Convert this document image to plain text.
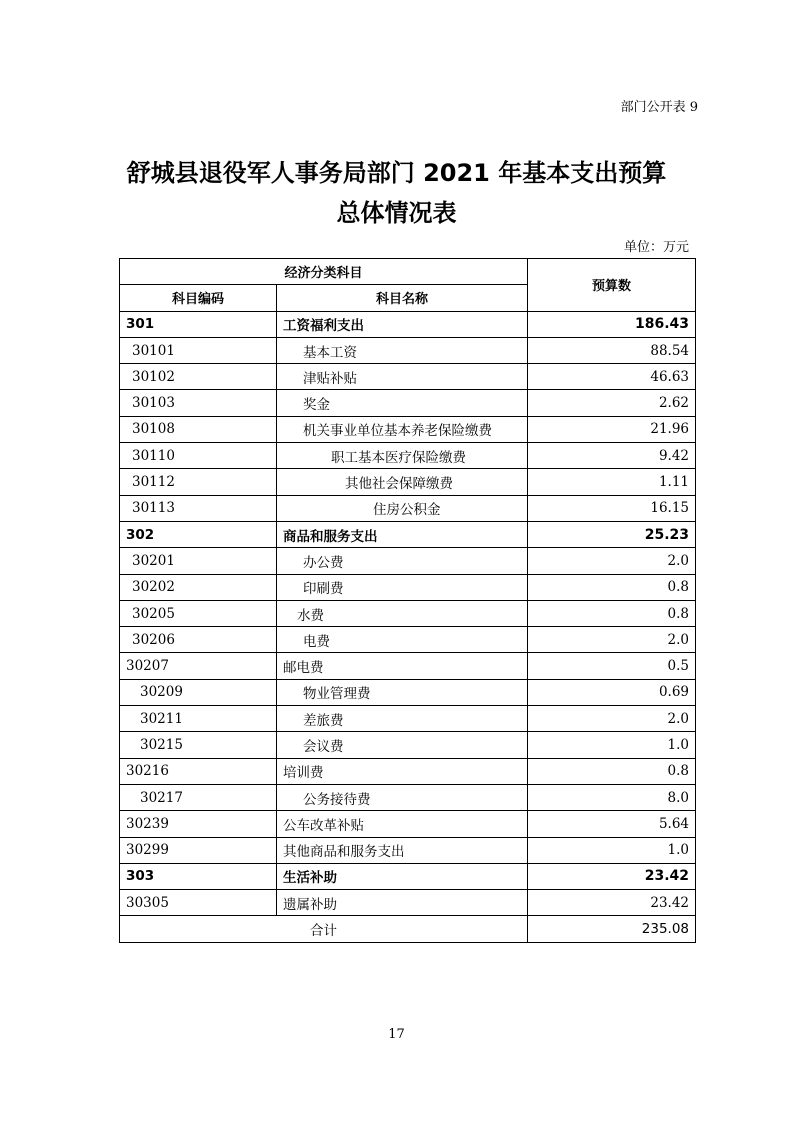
部门公开表 9
舒城县退役军人事务局部门 2021 年基本支出预算
总体情况表
单位：万元
经济分类科目		预算数
科目编码	科目名称	
301	工资福利支出	186.43
30101	基本工资	88.54
30102	津贴补贴	46.63
30103	奖金	2.62
30108	机关事业单位基本养老保险缴费	21.96
30110	职工基本医疗保险缴费	9.42
30112	其他社会保障缴费	1.11
30113	住房公积金	16.15
302	商品和服务支出	25.23
30201	办公费	2.0
30202	印刷费	0.8
30205	水费	0.8
30206	电费	2.0
30207	邮电费	0.5
30209	物业管理费	0.69
30211	差旅费	2.0
30215	会议费	1.0
30216	培训费	0.8
30217	公务接待费	8.0
30239	公车改革补贴	5.64
30299	其他商品和服务支出	1.0
303	生活补助	23.42
30305	遗属补助	23.42
合计		235.08
17
